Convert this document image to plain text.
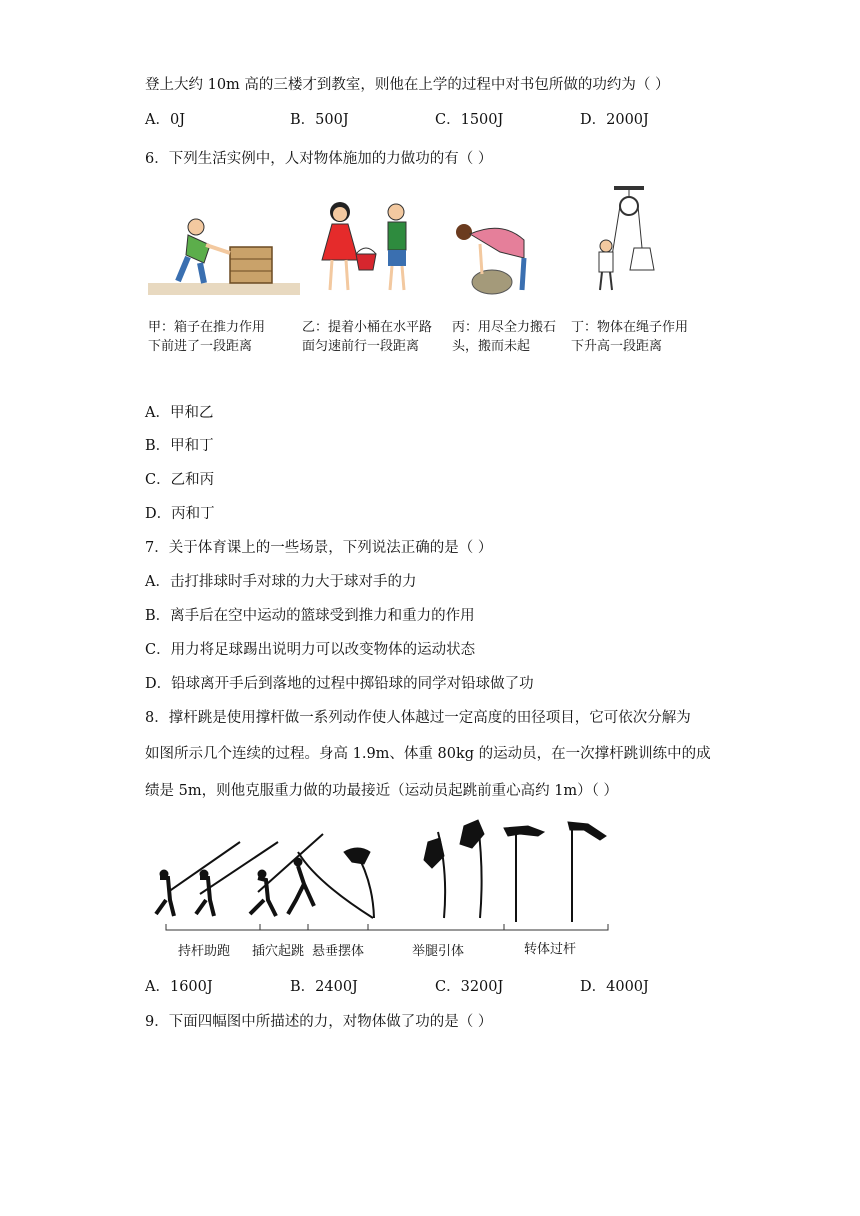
登上大约 10m 高的三楼才到教室，则他在上学的过程中对书包所做的功约为（ ）
A．0J	B．500J	C．1500J	D．2000J
6．下列生活实例中，人对物体施加的力做功的有（ ）
甲：箱子在推力作用
下前进了一段距离
乙：提着小桶在水平路
面匀速前行一段距离
丙：用尽全力搬石
头，搬而未起
丁：物体在绳子作用
下升高一段距离
A．甲和乙
B．甲和丁
C．乙和丙
D．丙和丁
7．关于体育课上的一些场景，下列说法正确的是（ ）
A．击打排球时手对球的力大于球对手的力
B．离手后在空中运动的篮球受到推力和重力的作用
C．用力将足球踢出说明力可以改变物体的运动状态
D．铅球离开手后到落地的过程中掷铅球的同学对铅球做了功
8．撑杆跳是使用撑杆做一系列动作使人体越过一定高度的田径项目，它可依次分解为
如图所示几个连续的过程。身高 1.9m、体重 80kg 的运动员，在一次撑杆跳训练中的成
绩是 5m，则他克服重力做的功最接近（运动员起跳前重心高约 1m）（ ）
持杆助跑 插穴起跳 悬垂摆体	举腿引体	转体过杆
A．1600J	B．2400J	C．3200J	D．4000J
9．下面四幅图中所描述的力，对物体做了功的是（ ）
